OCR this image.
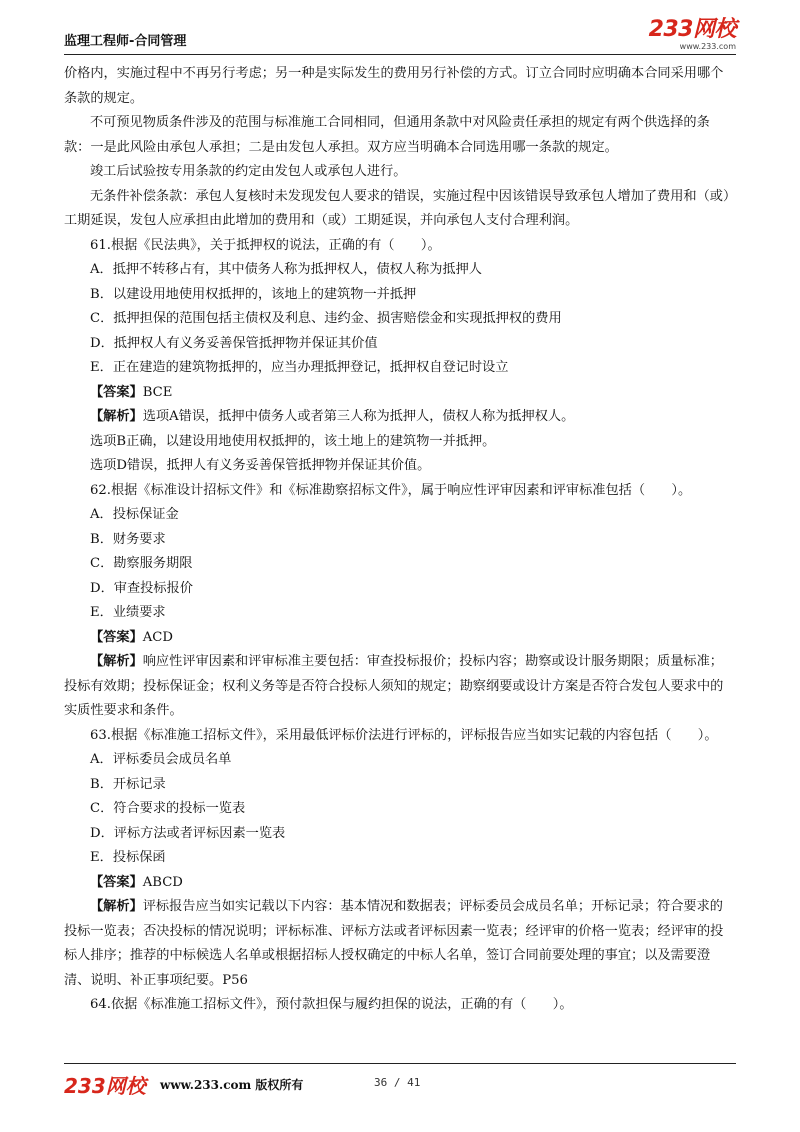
监理工程师-合同管理	233网校
www.233.com

价格内，实施过程中不再另行考虑；另一种是实际发生的费用另行补偿的方式。订立合同时应明确本合同采用哪个条款的规定。

不可预见物质条件涉及的范围与标准施工合同相同，但通用条款中对风险责任承担的规定有两个供选择的条款：一是此风险由承包人承担；二是由发包人承担。双方应当明确本合同选用哪一条款的规定。

竣工后试验按专用条款的约定由发包人或承包人进行。

无条件补偿条款：承包人复核时未发现发包人要求的错误，实施过程中因该错误导致承包人增加了费用和（或）工期延误，发包人应承担由此增加的费用和（或）工期延误，并向承包人支付合理利润。

61.根据《民法典》，关于抵押权的说法，正确的有（　　）。

A．抵押不转移占有，其中债务人称为抵押权人，债权人称为抵押人

B．以建设用地使用权抵押的，该地上的建筑物一并抵押

C．抵押担保的范围包括主债权及利息、违约金、损害赔偿金和实现抵押权的费用

D．抵押权人有义务妥善保管抵押物并保证其价值

E．正在建造的建筑物抵押的，应当办理抵押登记，抵押权自登记时设立

【答案】BCE

【解析】选项A错误，抵押中债务人或者第三人称为抵押人，债权人称为抵押权人。

选项B正确，以建设用地使用权抵押的，该土地上的建筑物一并抵押。

选项D错误，抵押人有义务妥善保管抵押物并保证其价值。

62.根据《标准设计招标文件》和《标准勘察招标文件》，属于响应性评审因素和评审标准包括（　　）。

A．投标保证金

B．财务要求

C．勘察服务期限

D．审查投标报价

E．业绩要求

【答案】ACD

【解析】响应性评审因素和评审标准主要包括：审查投标报价；投标内容；勘察或设计服务期限；质量标准；投标有效期；投标保证金；权利义务等是否符合投标人须知的规定；勘察纲要或设计方案是否符合发包人要求中的实质性要求和条件。

63.根据《标准施工招标文件》，采用最低评标价法进行评标的，评标报告应当如实记载的内容包括（　　）。

A．评标委员会成员名单

B．开标记录

C．符合要求的投标一览表

D．评标方法或者评标因素一览表

E．投标保函

【答案】ABCD

【解析】评标报告应当如实记载以下内容：基本情况和数据表；评标委员会成员名单；开标记录；符合要求的投标一览表；否决投标的情况说明；评标标准、评标方法或者评标因素一览表；经评审的价格一览表；经评审的投标人排序；推荐的中标候选人名单或根据招标人授权确定的中标人名单，签订合同前要处理的事宜；以及需要澄清、说明、补正事项纪要。P56

64.依据《标准施工招标文件》，预付款担保与履约担保的说法，正确的有（　　）。

233网校 www.233.com 版权所有	36 / 41
